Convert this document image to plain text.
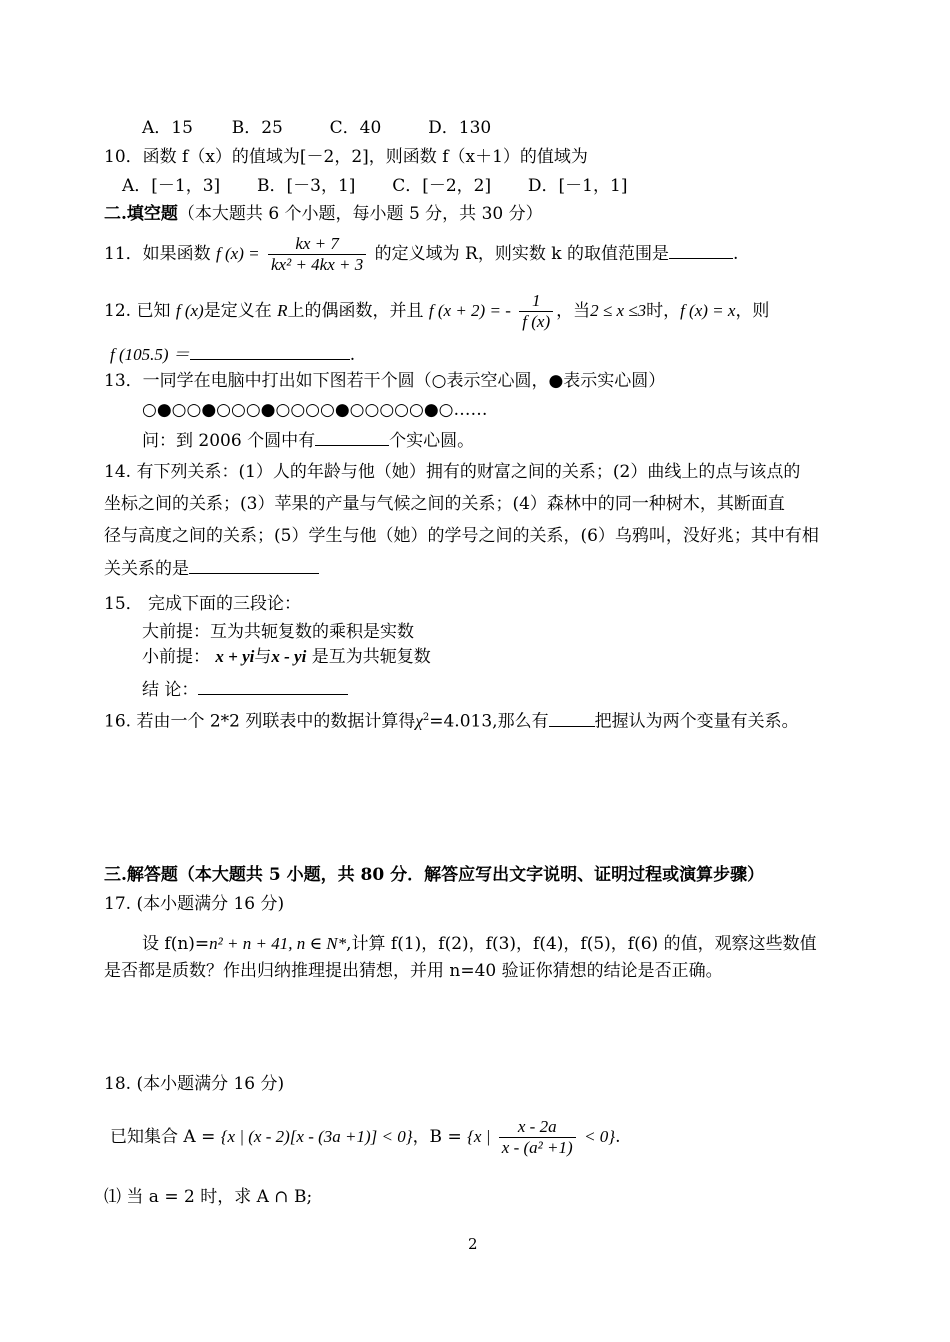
A．15 B．25	C．40	D．130
10．函数 f（x）的值域为[－2，2]，则函数 f（x＋1）的值域为
A．[－1，3] B．[－3，1] C．[－2，2] D．[－1，1]
二.填空题（本大题共 6 个小题，每小题 5 分，共 30 分）
11．如果函数 f $(x) = \frac{kx + 7}{\text{kx² + 4kx + 3}}$ 的定义域为 R，则实数 k 的取值范围是	.
12. 已知 f (x)是定义在 R上的偶函数，并且 f (x + 2) = - $\frac{1}{f (x)}$ ，当2 ≤ x ≤3时，f (x) = x，则
f (105.5) ＝	.
13．一同学在电脑中打出如下图若干个圆（○表示空心圆，●表示实心圆）
○●○○●○○○●○○○○●○○○○○●○……
问：到 2006 个圆中有	个实心圆。
14. 有下列关系：(1）人的年龄与他（她）拥有的财富之间的关系；(2）曲线上的点与该点的
坐标之间的关系；(3）苹果的产量与气候之间的关系；(4）森林中的同一种树木，其断面直
径与高度之间的关系；(5）学生与他（她）的学号之间的关系，(6）乌鸦叫，没好兆；其中有相
关关系的是
15． 完成下面的三段论：
大前提：互为共轭复数的乘积是实数
小前提： x + yi与x - yi 是互为共轭复数
结 论：
16. 若由一个 2*2 列联表中的数据计算得$\chi^2=4.013$,那么有	把握认为两个变量有关系。
三.解答题（本大题共 5 小题，共 80 分．解答应写出文字说明、证明过程或演算步骤）
17. (本小题满分 16 分)
设 f(n)=n² + n + 41, n ∈ N*,计算 f(1)，f(2)，f(3)，f(4)，f(5)，f(6) 的值，观察这些数值
是否都是质数？作出归纳推理提出猜想，并用 n=40 验证你猜想的结论是否正确。
18. (本小题满分 16 分)
已知集合 A = {x | (x - 2)[x - (3a +1)] < 0}，B = {x | $\frac{x - 2a}{\text{x - (a² +1)}} < 0$}.
⑴ 当 a = 2 时，求 A ∩ B;
2
